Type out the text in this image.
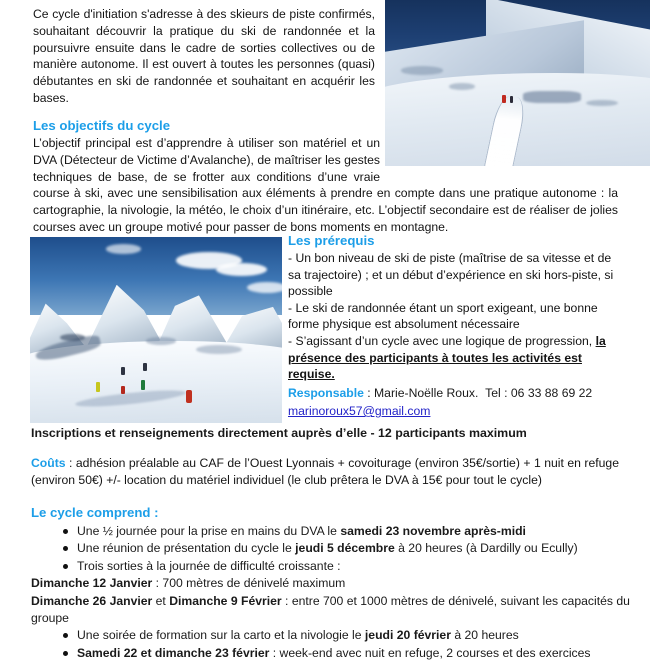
Ce cycle d'initiation s'adresse à des skieurs de piste confirmés, souhaitant découvrir la pratique du ski de randonnée et la poursuivre ensuite dans le cadre de sorties collectives ou de manière autonome. Il est ouvert à toutes les personnes (quasi) débutantes en ski de randonnée et souhaitant en acquérir les bases.
Les objectifs du cycle
L’objectif principal est d’apprendre à utiliser son matériel et un DVA (Détecteur de Victime d’Avalanche), de maîtriser les gestes techniques de base, de se frotter aux conditions d’une vraie course à ski, avec une sensibilisation aux éléments à prendre en compte dans une pratique autonome : la cartographie, la nivologie, la météo, le choix d’un itinéraire, etc. L’objectif secondaire est de réaliser de jolies courses avec un groupe motivé pour passer de bons moments en montagne.
Les prérequis
- Un bon niveau de ski de piste (maîtrise de sa vitesse et de sa trajectoire) ; et un début d’expérience en ski hors-piste, si possible
- Le ski de randonnée étant un sport exigeant, une bonne forme physique est absolument nécessaire
- S’agissant d’un cycle avec une logique de progression, la présence des participants à toutes les activités est requise.
Responsable : Marie-Noëlle Roux. Tel : 06 33 88 69 22
marinoroux57@gmail.com
Inscriptions et renseignements directement auprès d’elle - 12 participants maximum
Coûts : adhésion préalable au CAF de l’Ouest Lyonnais + covoiturage (environ 35€/sortie) + 1 nuit en refuge (environ 50€) +/- location du matériel individuel (le club prêtera le DVA à 15€ pour tout le cycle)
Le cycle comprend :
Une ½ journée pour la prise en mains du DVA le samedi 23 novembre après-midi
Une réunion de présentation du cycle le jeudi 5 décembre à 20 heures (à Dardilly ou Ecully)
Trois sorties à la journée de difficulté croissante :
Dimanche 12 Janvier : 700 mètres de dénivelé maximum
Dimanche 26 Janvier et Dimanche 9 Février : entre 700 et 1000 mètres de dénivelé, suivant les capacités du groupe
Une soirée de formation sur la carto et la nivologie le jeudi 20 février à 20 heures
Samedi 22 et dimanche 23 février : week-end avec nuit en refuge, 2 courses et des exercices
